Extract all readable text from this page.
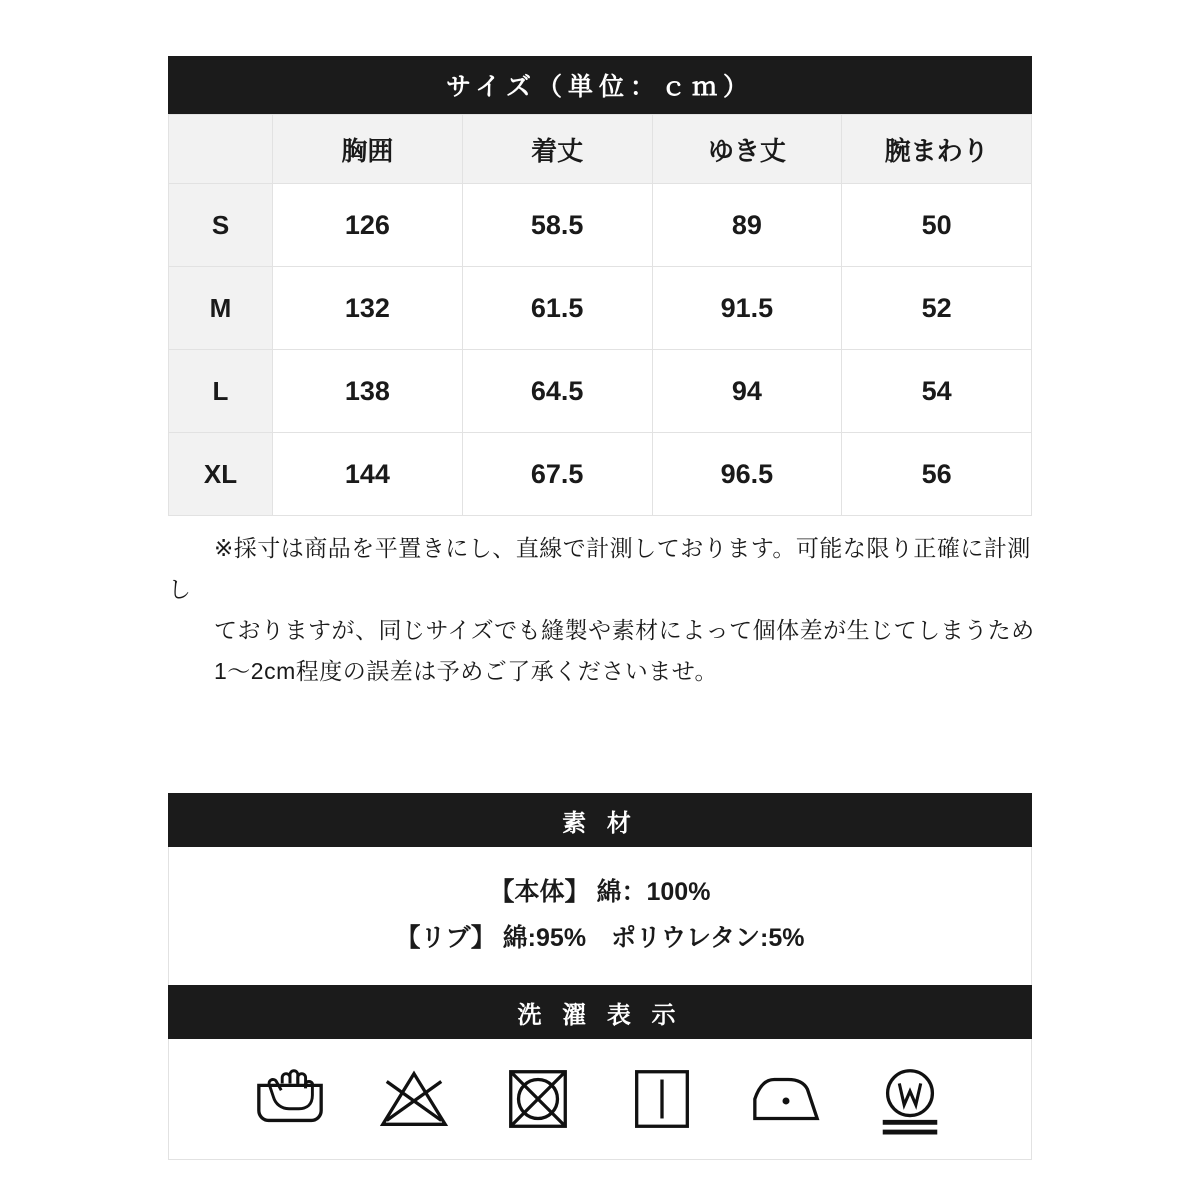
サイズ（単位：ｃｍ）
	胸囲	着丈	ゆき丈	腕まわり
S	126	58.5	89	50
M	132	61.5	91.5	52
L	138	64.5	94	54
XL	144	67.5	96.5	56

※採寸は商品を平置きにし、直線で計測しております。可能な限り正確に計測し

ておりますが、同じサイズでも縫製や素材によって個体差が生じてしまうため

1〜2cm程度の誤差は予めご了承くださいませ。

素 材
【本体】 綿：100%
【リブ】 綿:95%　ポリウレタン:5%
洗 濯 表 示
